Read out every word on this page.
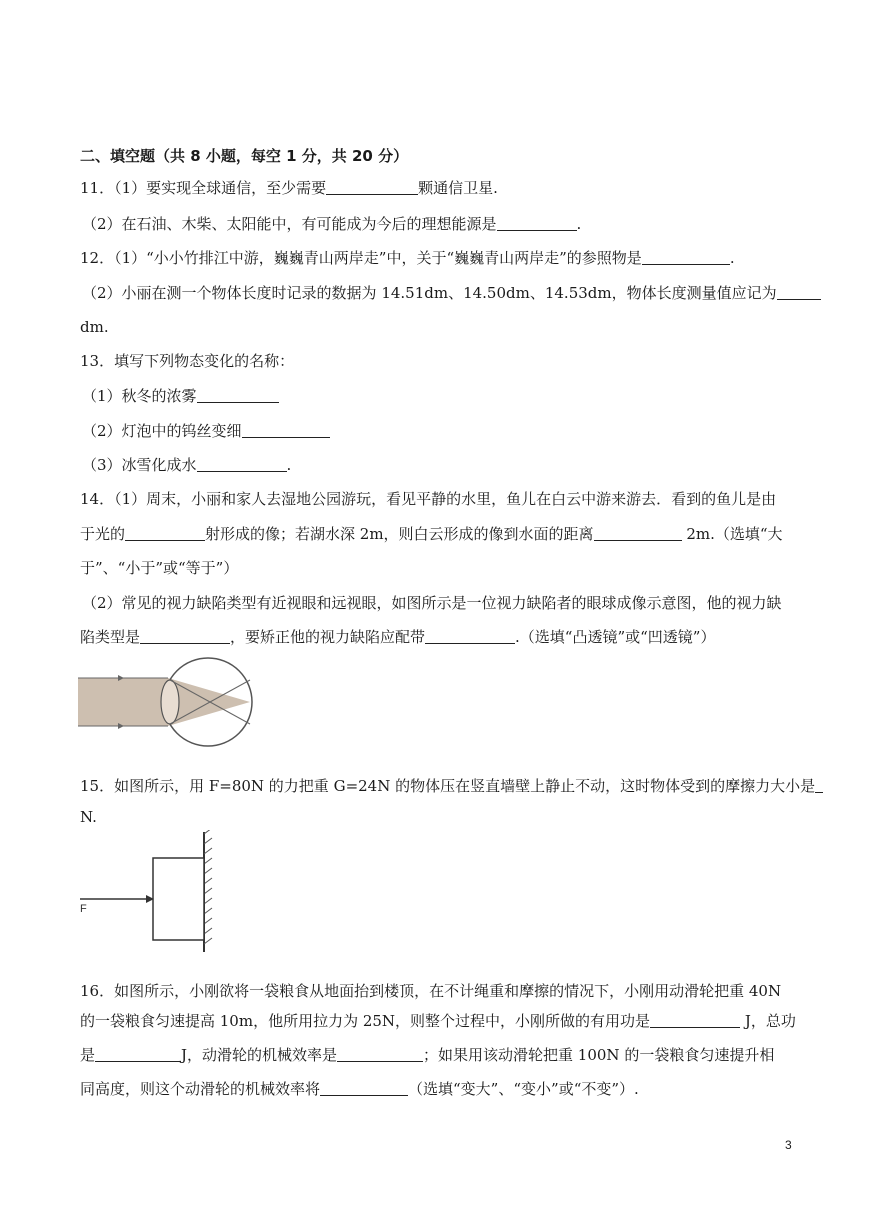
二、填空题（共 8 小题，每空 1 分，共 20 分）
11．（1）要实现全球通信，至少需要	颗通信卫星.
（2）在石油、木柴、太阳能中，有可能成为今后的理想能源是	.
12．（1）“小小竹排江中游，巍巍青山两岸走”中，关于“巍巍青山两岸走”的参照物是	.
（2）小丽在测一个物体长度时记录的数据为 14.51dm、14.50dm、14.53dm，物体长度测量值应记为
dm.
13．填写下列物态变化的名称：
（1）秋冬的浓雾
（2）灯泡中的钨丝变细
（3）冰雪化成水	.
14．（1）周末，小丽和家人去湿地公园游玩，看见平静的水里，鱼儿在白云中游来游去．看到的鱼儿是由
于光的	射形成的像；若湖水深 2m，则白云形成的像到水面的距离	2m.（选填“大
于”、“小于”或“等于”）
（2）常见的视力缺陷类型有近视眼和远视眼，如图所示是一位视力缺陷者的眼球成像示意图，他的视力缺
陷类型是	，要矫正他的视力缺陷应配带	.（选填“凸透镜”或“凹透镜”）
15．如图所示，用 F=80N 的力把重 G=24N 的物体压在竖直墙壁上静止不动，这时物体受到的摩擦力大小是
N.
F
16．如图所示，小刚欲将一袋粮食从地面抬到楼顶，在不计绳重和摩擦的情况下，小刚用动滑轮把重 40N
的一袋粮食匀速提高 10m，他所用拉力为 25N，则整个过程中，小刚所做的有用功是	J，总功
是	J，动滑轮的机械效率是	；如果用该动滑轮把重 100N 的一袋粮食匀速提升相
同高度，则这个动滑轮的机械效率将	（选填“变大”、“变小”或“不变”）.
3
